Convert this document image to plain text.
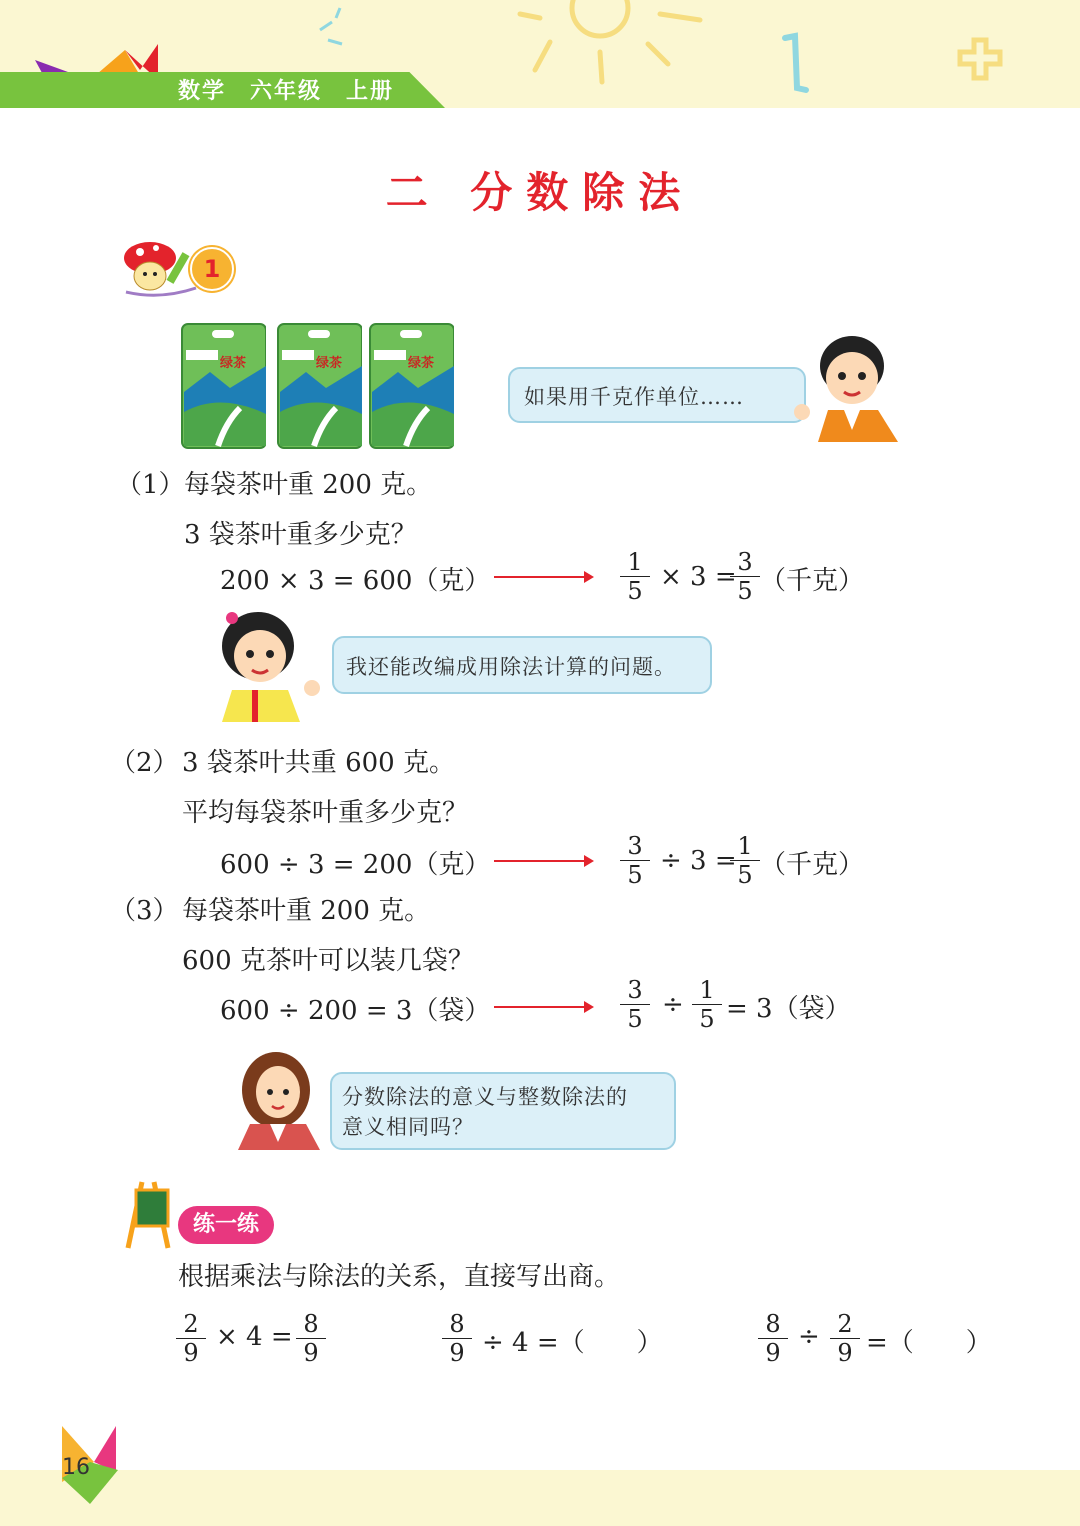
数学　六年级　上册
二 分数除法
1
绿茶	绿茶	绿茶
如果用千克作单位……
（1） 每袋茶叶重 200 克。
3 袋茶叶重多少克？
200 × 3 = 600（克）	$\frac{1}{5} \times 3$ =
$\frac{3}{5}$ （千克）
我还能改编成用除法计算的问题。
（2） 3 袋茶叶共重 600 克。
平均每袋茶叶重多少克？
600 ÷ 3 = 200（克）	$\frac{3}{5} \div 3$ =
$\frac{1}{5}$ （千克）
（3） 每袋茶叶重 200 克。
600 克茶叶可以装几袋？
600 ÷ 200 = 3（袋）	$\frac{3}{5} \div \frac{1}{5} = 3$（袋）
分数除法的意义与整数除法的
意义相同吗？
练一练
根据乘法与除法的关系，直接写出商。
$\frac{2}{9} \times 4 = \frac{8}{9}$	$\frac{8}{9} \div 4$ =（　　）	$\frac{8}{9} \div \frac{2}{9}$ =（　　）
16
